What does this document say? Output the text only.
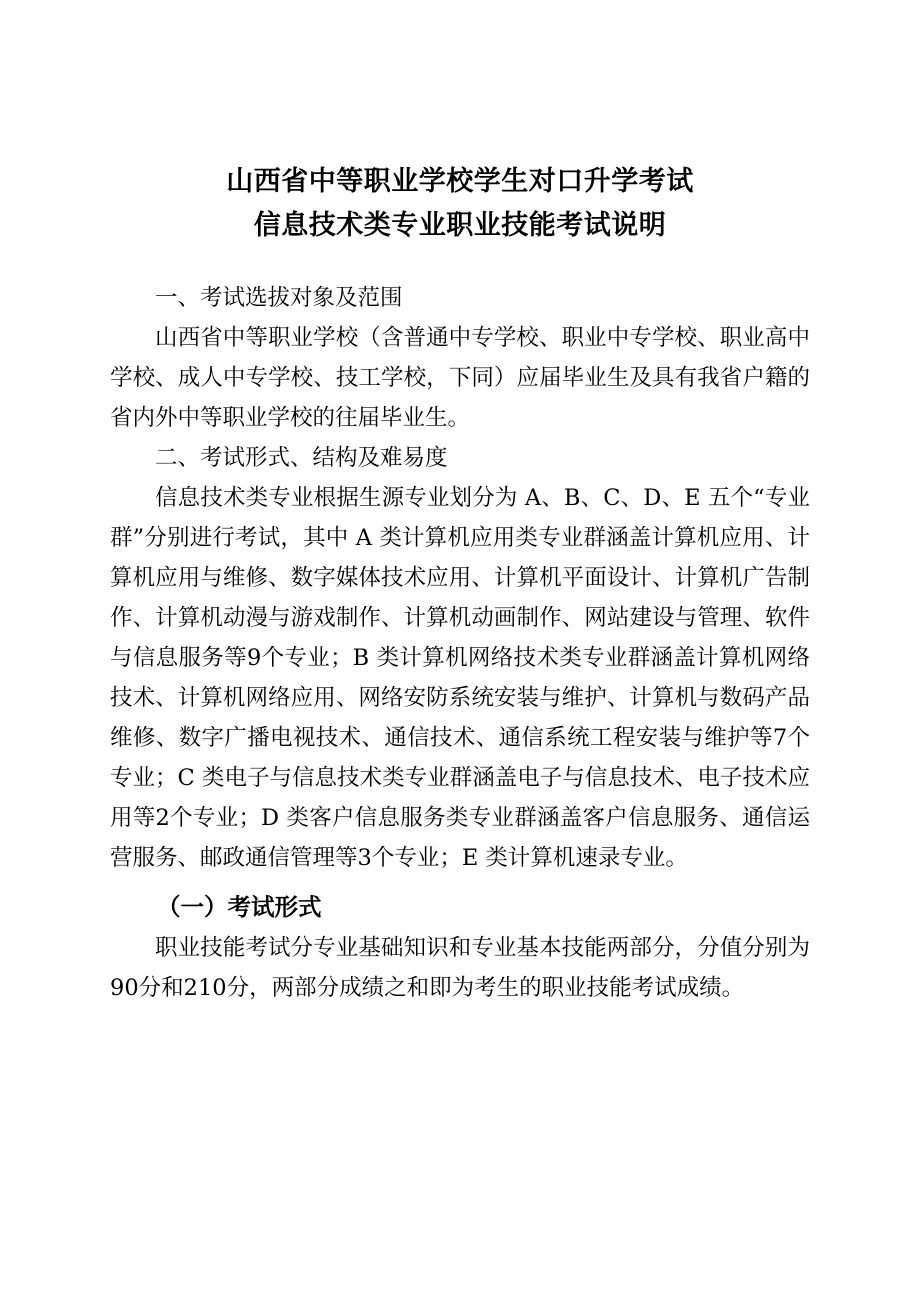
山西省中等职业学校学生对口升学考试
信息技术类专业职业技能考试说明

一、考试选拔对象及范围

山西省中等职业学校（含普通中专学校、职业中专学校、职业高中学校、成人中专学校、技工学校，下同）应届毕业生及具有我省户籍的省内外中等职业学校的往届毕业生。

二、考试形式、结构及难易度

信息技术类专业根据生源专业划分为 A、B、C、D、E 五个“专业群”分别进行考试，其中 A 类计算机应用类专业群涵盖计算机应用、计算机应用与维修、数字媒体技术应用、计算机平面设计、计算机广告制作、计算机动漫与游戏制作、计算机动画制作、网站建设与管理、软件与信息服务等9个专业；B 类计算机网络技术类专业群涵盖计算机网络技术、计算机网络应用、网络安防系统安装与维护、计算机与数码产品维修、数字广播电视技术、通信技术、通信系统工程安装与维护等7个专业；C 类电子与信息技术类专业群涵盖电子与信息技术、电子技术应用等2个专业；D 类客户信息服务类专业群涵盖客户信息服务、通信运营服务、邮政通信管理等3个专业；E 类计算机速录专业。

（一）考试形式

职业技能考试分专业基础知识和专业基本技能两部分，分值分别为90分和210分，两部分成绩之和即为考生的职业技能考试成绩。
